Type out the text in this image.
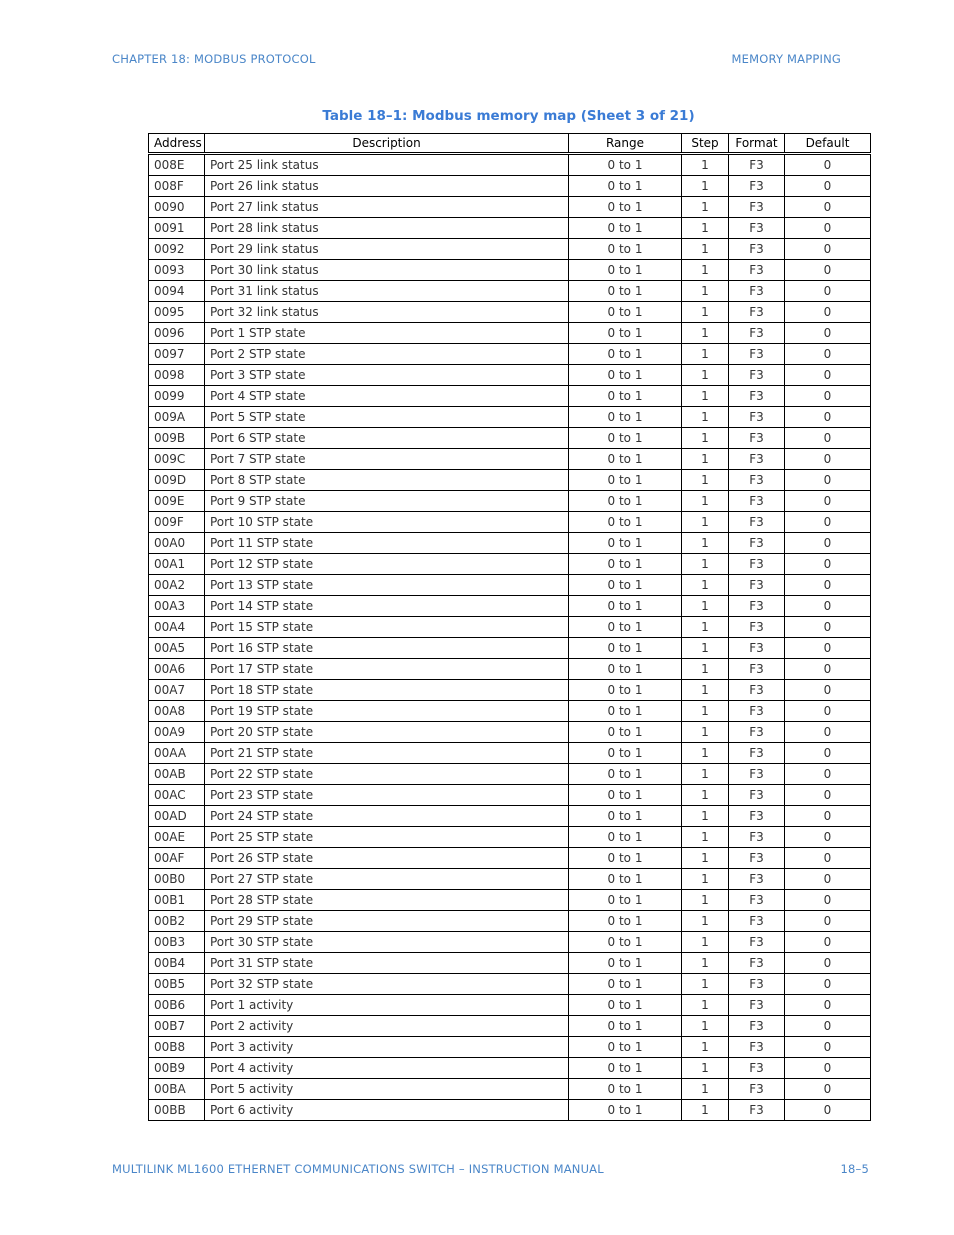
CHAPTER 18: MODBUS PROTOCOL	MEMORY MAPPING
Table 18–1: Modbus memory map (Sheet 3 of 21)
Address	Description	Range	Step	Format	Default
008E	Port 25 link status	0 to 1	1	F3	0
008F	Port 26 link status	0 to 1	1	F3	0
0090	Port 27 link status	0 to 1	1	F3	0
0091	Port 28 link status	0 to 1	1	F3	0
0092	Port 29 link status	0 to 1	1	F3	0
0093	Port 30 link status	0 to 1	1	F3	0
0094	Port 31 link status	0 to 1	1	F3	0
0095	Port 32 link status	0 to 1	1	F3	0
0096	Port 1 STP state	0 to 1	1	F3	0
0097	Port 2 STP state	0 to 1	1	F3	0
0098	Port 3 STP state	0 to 1	1	F3	0
0099	Port 4 STP state	0 to 1	1	F3	0
009A	Port 5 STP state	0 to 1	1	F3	0
009B	Port 6 STP state	0 to 1	1	F3	0
009C	Port 7 STP state	0 to 1	1	F3	0
009D	Port 8 STP state	0 to 1	1	F3	0
009E	Port 9 STP state	0 to 1	1	F3	0
009F	Port 10 STP state	0 to 1	1	F3	0
00A0	Port 11 STP state	0 to 1	1	F3	0
00A1	Port 12 STP state	0 to 1	1	F3	0
00A2	Port 13 STP state	0 to 1	1	F3	0
00A3	Port 14 STP state	0 to 1	1	F3	0
00A4	Port 15 STP state	0 to 1	1	F3	0
00A5	Port 16 STP state	0 to 1	1	F3	0
00A6	Port 17 STP state	0 to 1	1	F3	0
00A7	Port 18 STP state	0 to 1	1	F3	0
00A8	Port 19 STP state	0 to 1	1	F3	0
00A9	Port 20 STP state	0 to 1	1	F3	0
00AA	Port 21 STP state	0 to 1	1	F3	0
00AB	Port 22 STP state	0 to 1	1	F3	0
00AC	Port 23 STP state	0 to 1	1	F3	0
00AD	Port 24 STP state	0 to 1	1	F3	0
00AE	Port 25 STP state	0 to 1	1	F3	0
00AF	Port 26 STP state	0 to 1	1	F3	0
00B0	Port 27 STP state	0 to 1	1	F3	0
00B1	Port 28 STP state	0 to 1	1	F3	0
00B2	Port 29 STP state	0 to 1	1	F3	0
00B3	Port 30 STP state	0 to 1	1	F3	0
00B4	Port 31 STP state	0 to 1	1	F3	0
00B5	Port 32 STP state	0 to 1	1	F3	0
00B6	Port 1 activity	0 to 1	1	F3	0
00B7	Port 2 activity	0 to 1	1	F3	0
00B8	Port 3 activity	0 to 1	1	F3	0
00B9	Port 4 activity	0 to 1	1	F3	0
00BA	Port 5 activity	0 to 1	1	F3	0
00BB	Port 6 activity	0 to 1	1	F3	0
MULTILINK ML1600 ETHERNET COMMUNICATIONS SWITCH – INSTRUCTION MANUAL	18–5
